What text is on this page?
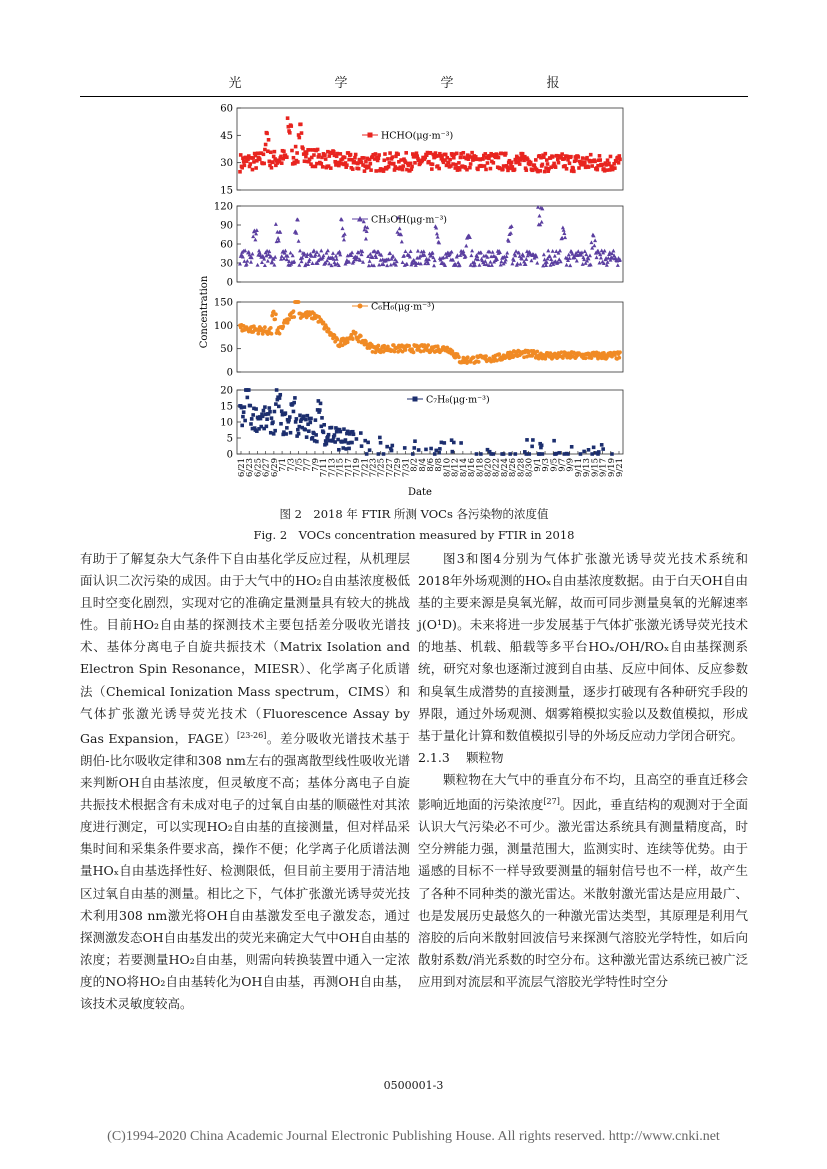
光　学　学　报
Concentration
15
30
45
60
HCHO(μg·m⁻³)
0
30
60
90
120
CH₃OH(μg·m⁻³)
0
50
100
150	C₆H₆(μg·m⁻³)
0
5
10
15
20
C₇H₈(μg·m⁻³)
6/21
6/23
6/25
6/27
6/29
7/1
7/3
7/5
7/7
7/9
7/11
7/13
7/15
7/17
7/19
7/21
7/23
7/25
7/27
7/29
7/31
8/2
8/4
8/6
8/8
8/10
8/12
8/14
8/16
8/18
8/20
8/22
8/24
8/26
8/28
8/30
9/1
9/3
9/5
9/7
9/9
9/11
9/13
9/15
9/17
9/19
9/21
Date
图 2　2018 年 FTIR 所测 VOCs 各污染物的浓度值
Fig. 2　VOCs concentration measured by FTIR in 2018

有助于了解复杂大气条件下自由基化学反应过程，从机理层面认识二次污染的成因。由于大气中的HO₂自由基浓度极低且时空变化剧烈，实现对它的准确定量测量具有较大的挑战性。目前HO₂自由基的探测技术主要包括差分吸收光谱技术、基体分离电子自旋共振技术（Matrix Isolation and Electron Spin Resonance，MIESR）、化学离子化质谱法（Chemical Ionization Mass spectrum，CIMS）和气体扩张激光诱导荧光技术（Fluorescence Assay by Gas Expansion，FAGE）[23-26]。差分吸收光谱技术基于朗伯-比尔吸收定律和308 nm左右的强离散型线性吸收光谱来判断OH自由基浓度，但灵敏度不高；基体分离电子自旋共振技术根据含有未成对电子的过氧自由基的顺磁性对其浓度进行测定，可以实现HO₂自由基的直接测量，但对样品采集时间和采集条件要求高，操作不便；化学离子化质谱法测量HOₓ自由基选择性好、检测限低，但目前主要用于清洁地区过氧自由基的测量。相比之下，气体扩张激光诱导荧光技术利用308 nm激光将OH自由基激发至电子激发态，通过探测激发态OH自由基发出的荧光来确定大气中OH自由基的浓度；若要测量HO₂自由基，则需向转换装置中通入一定浓度的NO将HO₂自由基转化为OH自由基，再测OH自由基，该技术灵敏度较高。

图3和图4分别为气体扩张激光诱导荧光技术系统和2018年外场观测的HOₓ自由基浓度数据。由于白天OH自由基的主要来源是臭氧光解，故而可同步测量臭氧的光解速率j(O¹D)。未来将进一步发展基于气体扩张激光诱导荧光技术的地基、机载、船载等多平台HOₓ/OH/ROₓ自由基探测系统，研究对象也逐渐过渡到自由基、反应中间体、反应参数和臭氧生成潜势的直接测量，逐步打破现有各种研究手段的界限，通过外场观测、烟雾箱模拟实验以及数值模拟，形成基于量化计算和数值模拟引导的外场反应动力学闭合研究。

2.1.3 颗粒物

颗粒物在大气中的垂直分布不均，且高空的垂直迁移会影响近地面的污染浓度[27]。因此，垂直结构的观测对于全面认识大气污染必不可少。激光雷达系统具有测量精度高，时空分辨能力强，测量范围大，监测实时、连续等优势。由于遥感的目标不一样导致要测量的辐射信号也不一样，故产生了各种不同种类的激光雷达。米散射激光雷达是应用最广、也是发展历史最悠久的一种激光雷达类型，其原理是利用气溶胶的后向米散射回波信号来探测气溶胶光学特性，如后向散射系数/消光系数的时空分布。这种激光雷达系统已被广泛应用到对流层和平流层气溶胶光学特性时空分

0500001-3
(C)1994-2020 China Academic Journal Electronic Publishing House. All rights reserved. http://www.cnki.net
